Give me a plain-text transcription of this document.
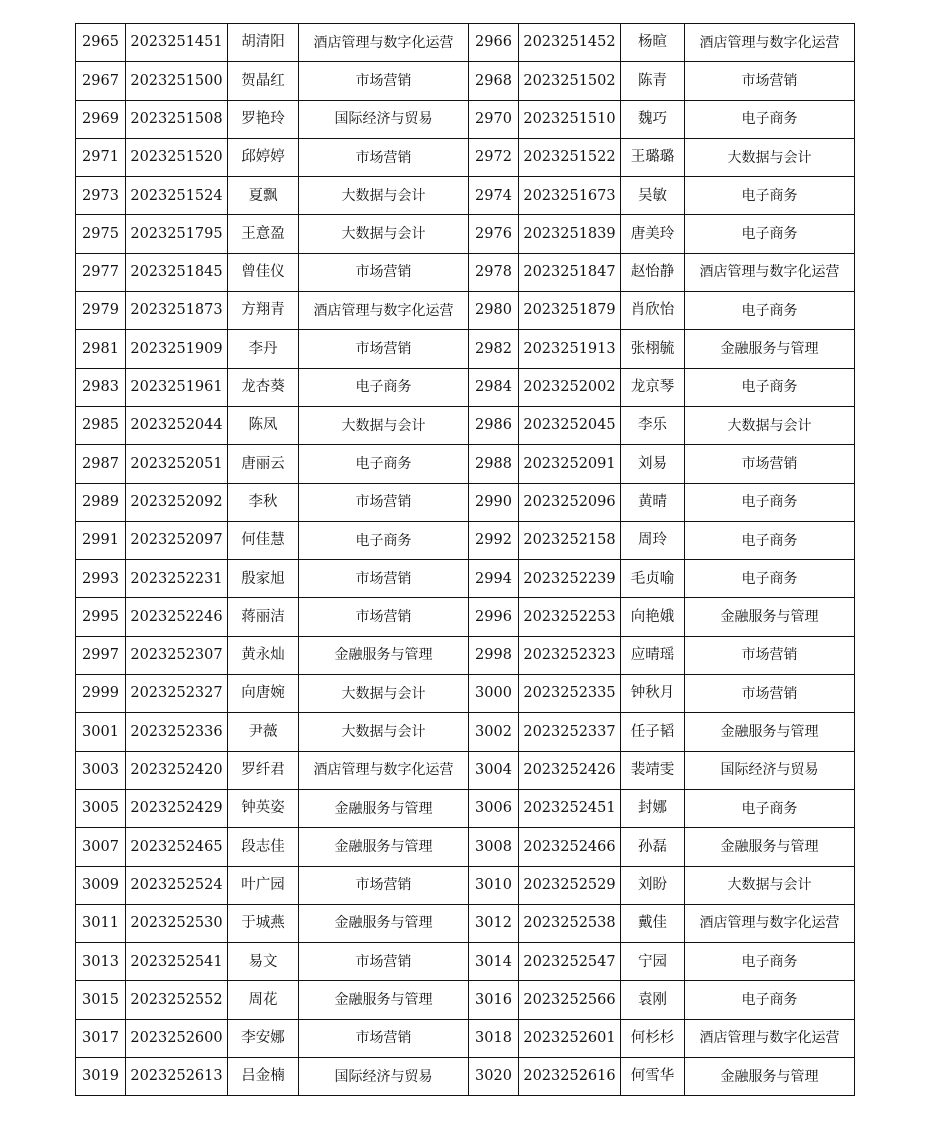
2965	2023251451	胡清阳	酒店管理与数字化运营	2966	2023251452	杨暄	酒店管理与数字化运营
2967	2023251500	贺晶红	市场营销	2968	2023251502	陈青	市场营销
2969	2023251508	罗艳玲	国际经济与贸易	2970	2023251510	魏巧	电子商务
2971	2023251520	邱婷婷	市场营销	2972	2023251522	王璐璐	大数据与会计
2973	2023251524	夏飘	大数据与会计	2974	2023251673	吴敏	电子商务
2975	2023251795	王意盈	大数据与会计	2976	2023251839	唐美玲	电子商务
2977	2023251845	曾佳仪	市场营销	2978	2023251847	赵怡静	酒店管理与数字化运营
2979	2023251873	方翔青	酒店管理与数字化运营	2980	2023251879	肖欣怡	电子商务
2981	2023251909	李丹	市场营销	2982	2023251913	张栩毓	金融服务与管理
2983	2023251961	龙杏葵	电子商务	2984	2023252002	龙京琴	电子商务
2985	2023252044	陈凤	大数据与会计	2986	2023252045	李乐	大数据与会计
2987	2023252051	唐丽云	电子商务	2988	2023252091	刘易	市场营销
2989	2023252092	李秋	市场营销	2990	2023252096	黄晴	电子商务
2991	2023252097	何佳慧	电子商务	2992	2023252158	周玲	电子商务
2993	2023252231	殷家旭	市场营销	2994	2023252239	毛贞喻	电子商务
2995	2023252246	蒋丽洁	市场营销	2996	2023252253	向艳娥	金融服务与管理
2997	2023252307	黄永灿	金融服务与管理	2998	2023252323	应晴瑶	市场营销
2999	2023252327	向唐婉	大数据与会计	3000	2023252335	钟秋月	市场营销
3001	2023252336	尹薇	大数据与会计	3002	2023252337	任子韬	金融服务与管理
3003	2023252420	罗纤君	酒店管理与数字化运营	3004	2023252426	裴靖雯	国际经济与贸易
3005	2023252429	钟英姿	金融服务与管理	3006	2023252451	封娜	电子商务
3007	2023252465	段志佳	金融服务与管理	3008	2023252466	孙磊	金融服务与管理
3009	2023252524	叶广园	市场营销	3010	2023252529	刘盼	大数据与会计
3011	2023252530	于城燕	金融服务与管理	3012	2023252538	戴佳	酒店管理与数字化运营
3013	2023252541	易文	市场营销	3014	2023252547	宁园	电子商务
3015	2023252552	周花	金融服务与管理	3016	2023252566	袁刚	电子商务
3017	2023252600	李安娜	市场营销	3018	2023252601	何杉杉	酒店管理与数字化运营
3019	2023252613	吕金楠	国际经济与贸易	3020	2023252616	何雪华	金融服务与管理
